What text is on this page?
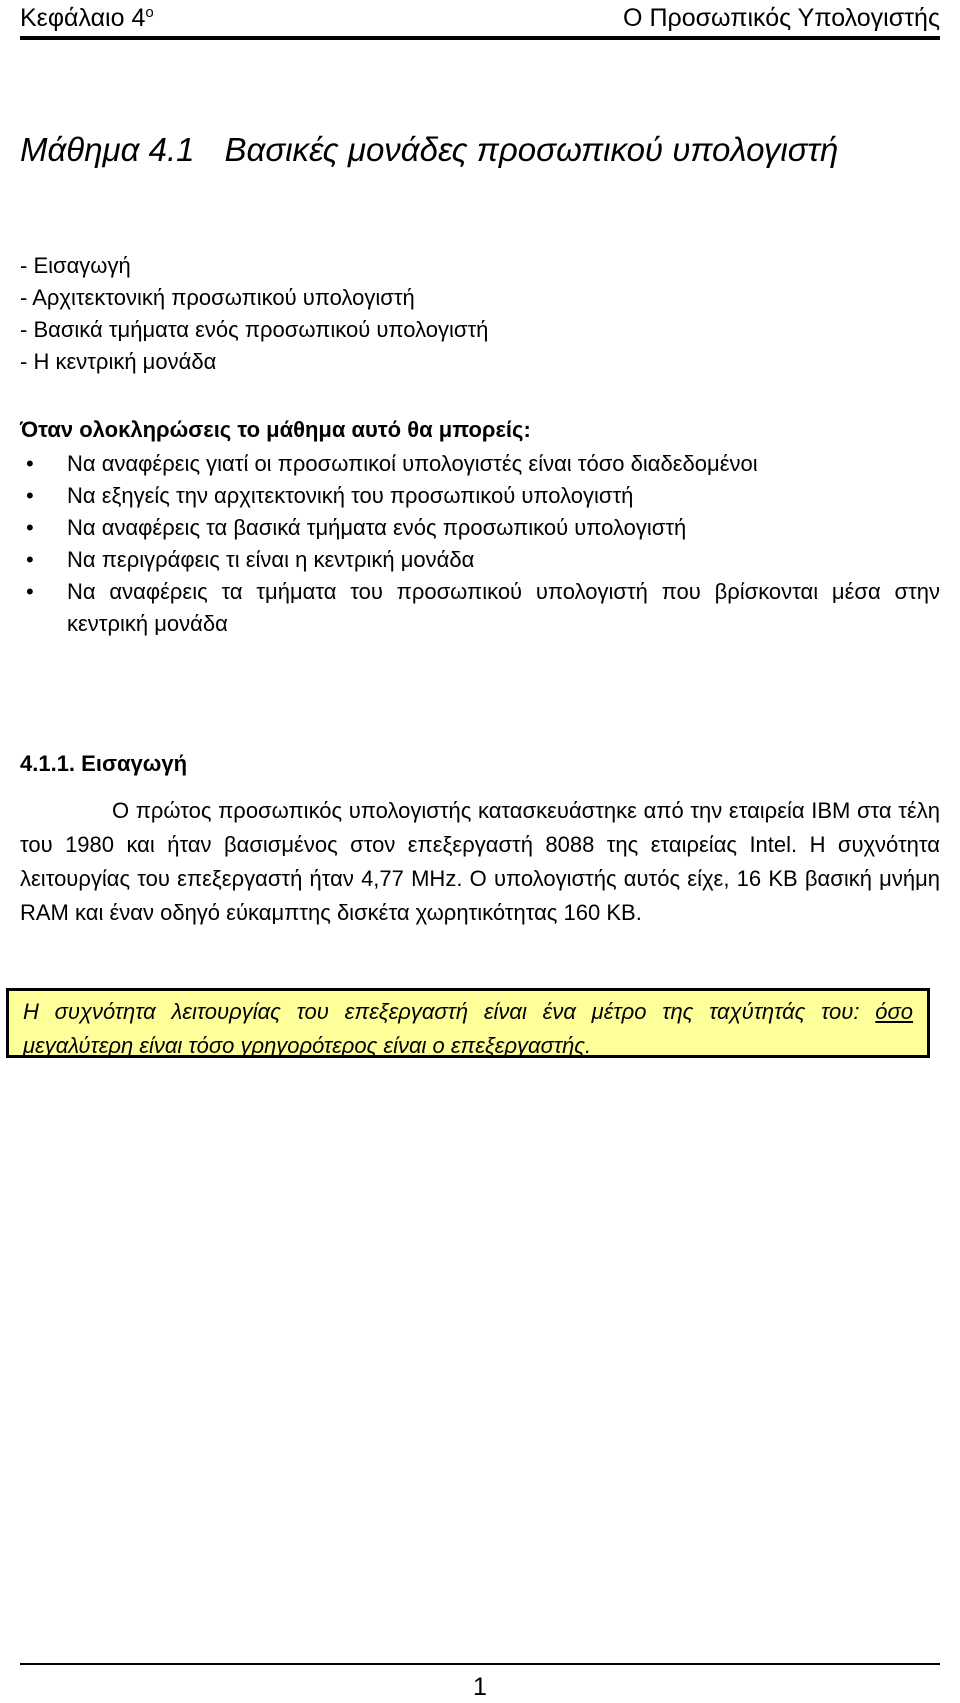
Κεφάλαιο $4^o$	Ο Προσωπικός Υπολογιστής
Μάθημα 4.1 Βασικές μονάδες προσωπικού υπολογιστή
- Εισαγωγή
- Αρχιτεκτονική προσωπικού υπολογιστή
- Βασικά τμήματα ενός προσωπικού υπολογιστή
- Η κεντρική μονάδα

Όταν ολοκληρώσεις το μάθημα αυτό θα μπορείς:

• Να αναφέρεις γιατί οι προσωπικοί υπολογιστές είναι τόσο διαδεδομένοι
• Να εξηγείς την αρχιτεκτονική του προσωπικού υπολογιστή
• Να αναφέρεις τα βασικά τμήματα ενός προσωπικού υπολογιστή
• Να περιγράφεις τι είναι η κεντρική μονάδα
• Να αναφέρεις τα τμήματα του προσωπικού υπολογιστή που βρίσκονται μέσα στην κεντρική μονάδα
4.1.1. Εισαγωγή

Ο πρώτος προσωπικός υπολογιστής κατασκευάστηκε από την εταιρεία IBM στα τέλη του 1980 και ήταν βασισμένος στον επεξεργαστή 8088 της εταιρείας Intel. Η συχνότητα λειτουργίας του επεξεργαστή ήταν 4,77 MHz. Ο υπολογιστής αυτός είχε, 16 KB βασική μνήμη RAM και έναν οδηγό εύκαμπτης δισκέτα χωρητικότητας 160 KB.

Η συχνότητα λειτουργίας του επεξεργαστή είναι ένα μέτρο της ταχύτητάς του: όσο μεγαλύτερη είναι τόσο γρηγορότερος είναι ο επεξεργαστής.

1
